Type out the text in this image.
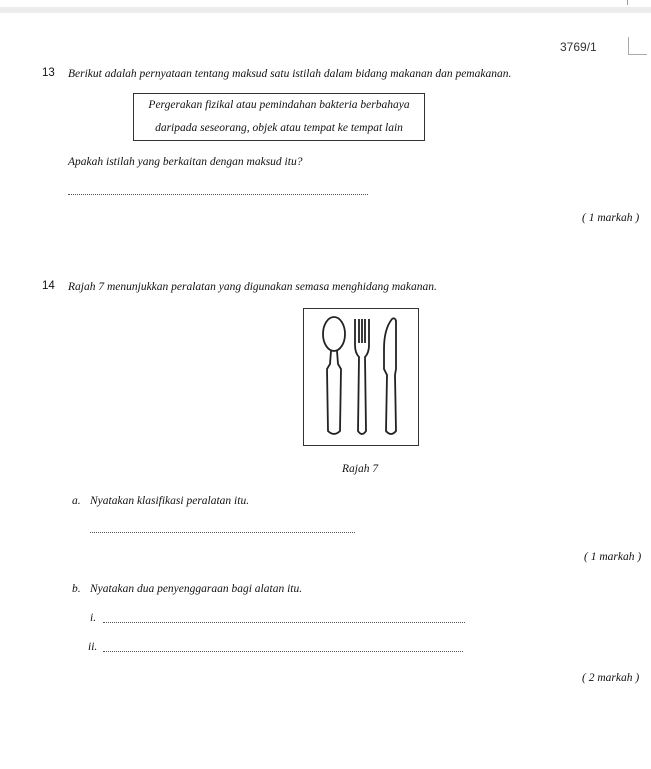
3769/1
13 Berikut adalah pernyataan tentang maksud satu istilah dalam bidang makanan dan pemakanan.
Pergerakan fizikal atau pemindahan bakteria berbahaya
daripada seseorang, objek atau tempat ke tempat lain
Apakah istilah yang berkaitan dengan maksud itu?
( 1 markah )
14 Rajah 7 menunjukkan peralatan yang digunakan semasa menghidang makanan.
Rajah 7
a. Nyatakan klasifikasi peralatan itu.
( 1 markah )
b. Nyatakan dua penyenggaraan bagi alatan itu.
i.
ii.
( 2 markah )
